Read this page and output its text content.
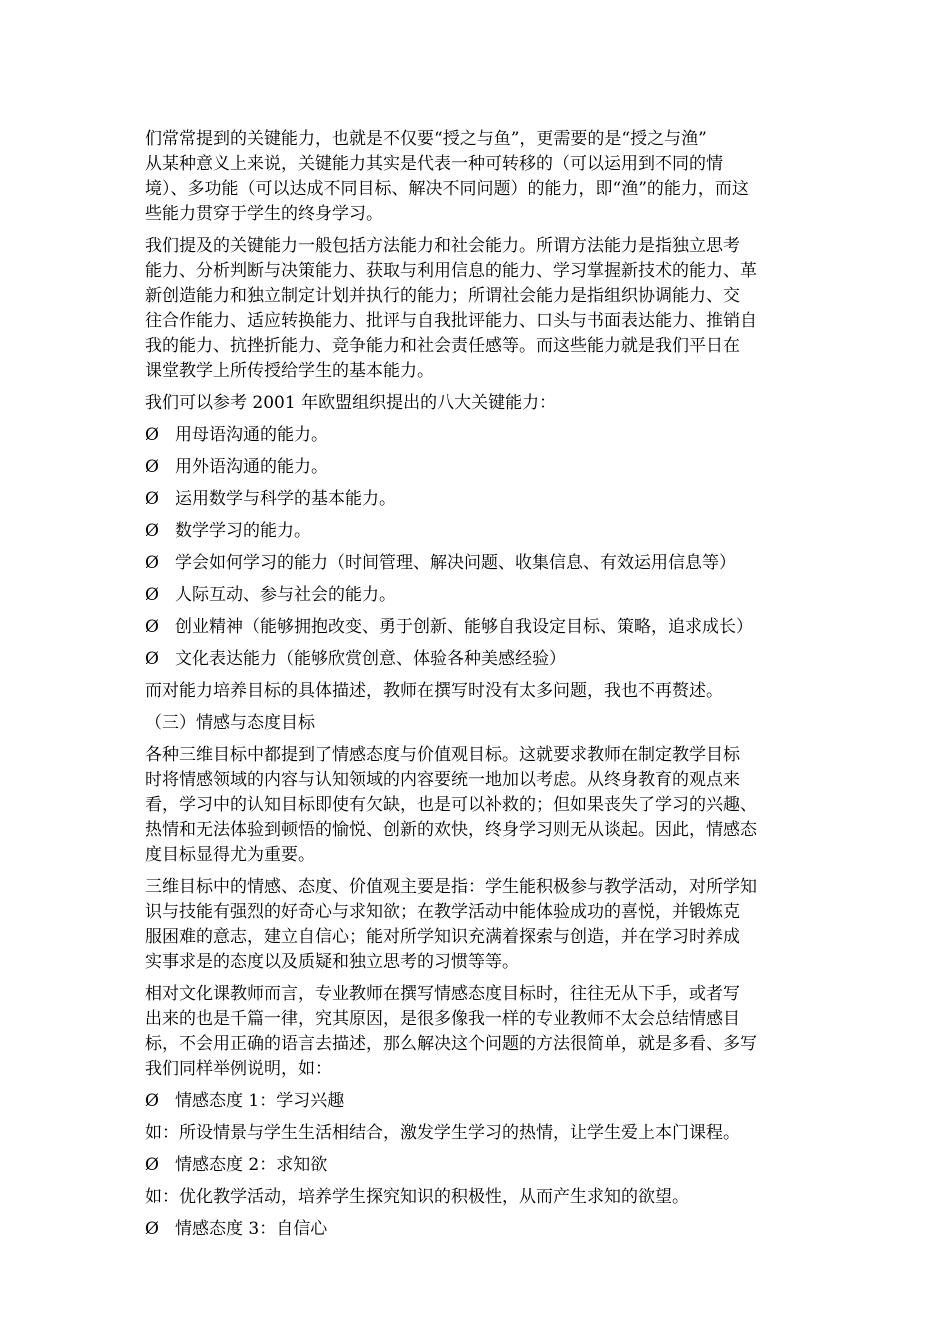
们常常提到的关键能力，也就是不仅要“授之与鱼”，更需要的是“授之与渔”
从某种意义上来说，关键能力其实是代表一种可转移的（可以运用到不同的情
境）、多功能（可以达成不同目标、解决不同问题）的能力，即“渔”的能力，而这
些能力贯穿于学生的终身学习。
我们提及的关键能力一般包括方法能力和社会能力。所谓方法能力是指独立思考
能力、分析判断与决策能力、获取与利用信息的能力、学习掌握新技术的能力、革
新创造能力和独立制定计划并执行的能力；所谓社会能力是指组织协调能力、交
往合作能力、适应转换能力、批评与自我批评能力、口头与书面表达能力、推销自
我的能力、抗挫折能力、竞争能力和社会责任感等。而这些能力就是我们平日在
课堂教学上所传授给学生的基本能力。
我们可以参考 2001 年欧盟组织提出的八大关键能力：
Ø 用母语沟通的能力。
Ø 用外语沟通的能力。
Ø 运用数学与科学的基本能力。
Ø 数学学习的能力。
Ø 学会如何学习的能力（时间管理、解决问题、收集信息、有效运用信息等）
Ø 人际互动、参与社会的能力。
Ø 创业精神（能够拥抱改变、勇于创新、能够自我设定目标、策略，追求成长）
Ø 文化表达能力（能够欣赏创意、体验各种美感经验）
而对能力培养目标的具体描述，教师在撰写时没有太多问题，我也不再赘述。
（三）情感与态度目标
各种三维目标中都提到了情感态度与价值观目标。这就要求教师在制定教学目标
时将情感领域的内容与认知领域的内容要统一地加以考虑。从终身教育的观点来
看，学习中的认知目标即使有欠缺，也是可以补救的；但如果丧失了学习的兴趣、
热情和无法体验到顿悟的愉悦、创新的欢快，终身学习则无从谈起。因此，情感态
度目标显得尤为重要。
三维目标中的情感、态度、价值观主要是指：学生能积极参与教学活动，对所学知
识与技能有强烈的好奇心与求知欲；在教学活动中能体验成功的喜悦，并锻炼克
服困难的意志，建立自信心；能对所学知识充满着探索与创造，并在学习时养成
实事求是的态度以及质疑和独立思考的习惯等等。
相对文化课教师而言，专业教师在撰写情感态度目标时，往往无从下手，或者写
出来的也是千篇一律，究其原因，是很多像我一样的专业教师不太会总结情感目
标，不会用正确的语言去描述，那么解决这个问题的方法很简单，就是多看、多写
我们同样举例说明，如：
Ø 情感态度 1：学习兴趣
如：所设情景与学生生活相结合，激发学生学习的热情，让学生爱上本门课程。
Ø 情感态度 2：求知欲
如：优化教学活动，培养学生探究知识的积极性，从而产生求知的欲望。
Ø 情感态度 3：自信心
